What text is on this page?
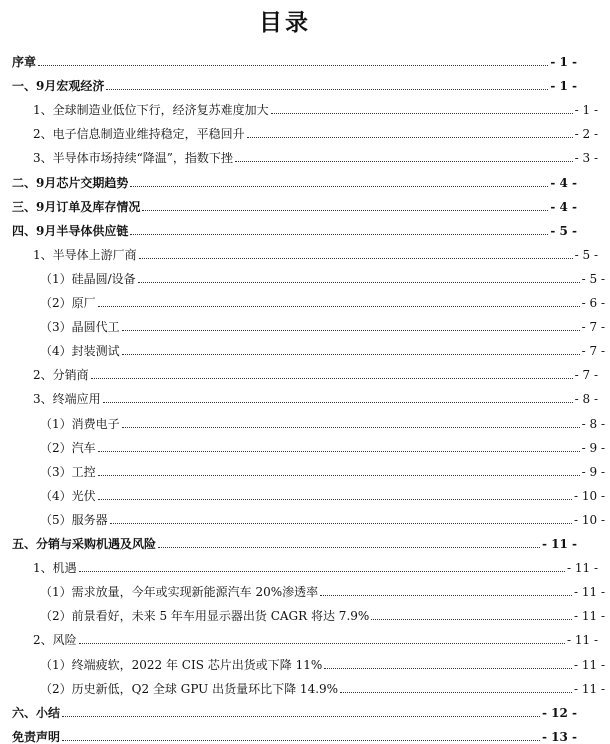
目录
序章	- 1 -
一、9月宏观经济	- 1 -
1、全球制造业低位下行，经济复苏难度加大	- 1 -
2、电子信息制造业维持稳定，平稳回升	- 2 -
3、半导体市场持续“降温”，指数下挫	- 3 -
二、9月芯片交期趋势	- 4 -
三、9月订单及库存情况	- 4 -
四、9月半导体供应链	- 5 -
1、半导体上游厂商	- 5 -
（1）硅晶圆/设备	- 5 -
（2）原厂	- 6 -
（3）晶圆代工	- 7 -
（4）封装测试	- 7 -
2、分销商	- 7 -
3、终端应用	- 8 -
（1）消费电子	- 8 -
（2）汽车	- 9 -
（3）工控	- 9 -
（4）光伏	- 10 -
（5）服务器	- 10 -
五、分销与采购机遇及风险	- 11 -
1、机遇	- 11 -
（1）需求放量，今年或实现新能源汽车 20%渗透率	- 11 -
（2）前景看好，未来 5 年车用显示器出货 CAGR 将达 7.9%	- 11 -
2、风险	- 11 -
（1）终端疲软，2022 年 CIS 芯片出货或下降 11%	- 11 -
（2）历史新低，Q2 全球 GPU 出货量环比下降 14.9%	- 11 -
六、小结	- 12 -
免责声明	- 13 -
